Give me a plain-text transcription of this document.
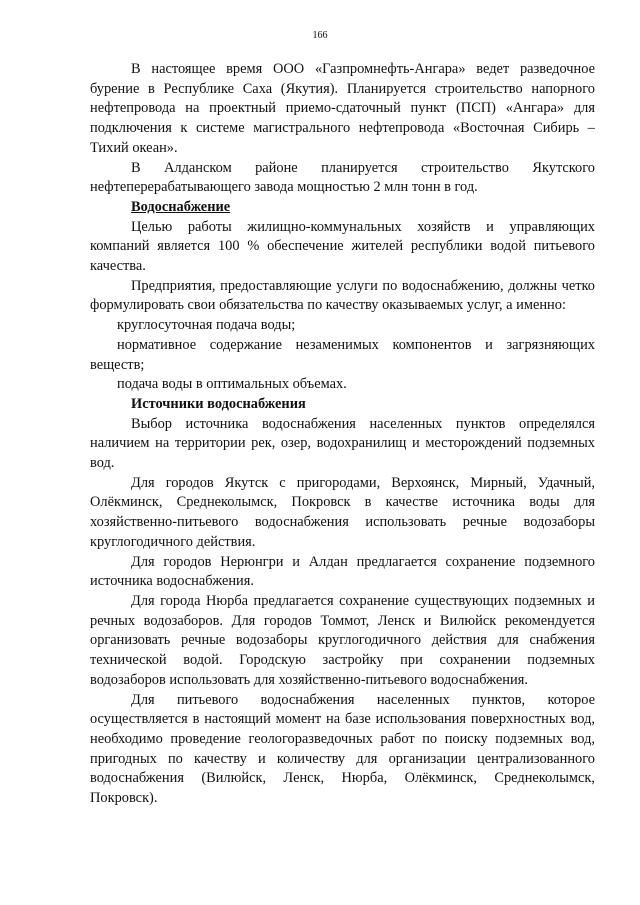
166

В настоящее время ООО «Газпромнефть-Ангара» ведет разведочное бурение в Республике Саха (Якутия). Планируется строительство напорного нефтепровода на проектный приемо-сдаточный пункт (ПСП) «Ангара» для подключения к системе магистрального нефтепровода «Восточная Сибирь – Тихий океан».

В Алданском районе планируется строительство Якутского нефтеперерабатывающего завода мощностью 2 млн тонн в год.

Водоснабжение

Целью работы жилищно-коммунальных хозяйств и управляющих компаний является 100 % обеспечение жителей республики водой питьевого качества.

Предприятия, предоставляющие услуги по водоснабжению, должны четко формулировать свои обязательства по качеству оказываемых услуг, а именно:

круглосуточная подача воды;

нормативное содержание незаменимых компонентов и загрязняющих веществ;

подача воды в оптимальных объемах.

Источники водоснабжения

Выбор источника водоснабжения населенных пунктов определялся наличием на территории рек, озер, водохранилищ и месторождений подземных вод.

Для городов Якутск с пригородами, Верхоянск, Мирный, Удачный, Олёкминск, Среднеколымск, Покровск в качестве источника воды для хозяйственно-питьевого водоснабжения использовать речные водозаборы круглогодичного действия.

Для городов Нерюнгри и Алдан предлагается сохранение подземного источника водоснабжения.

Для города Нюрба предлагается сохранение существующих подземных и речных водозаборов. Для городов Томмот, Ленск и Вилюйск рекомендуется организовать речные водозаборы круглогодичного действия для снабжения технической водой. Городскую застройку при сохранении подземных водозаборов использовать для хозяйственно-питьевого водоснабжения.

Для питьевого водоснабжения населенных пунктов, которое осуществляется в настоящий момент на базе использования поверхностных вод, необходимо проведение геологоразведочных работ по поиску подземных вод, пригодных по качеству и количеству для организации централизованного водоснабжения (Вилюйск, Ленск, Нюрба, Олёкминск, Среднеколымск, Покровск).
